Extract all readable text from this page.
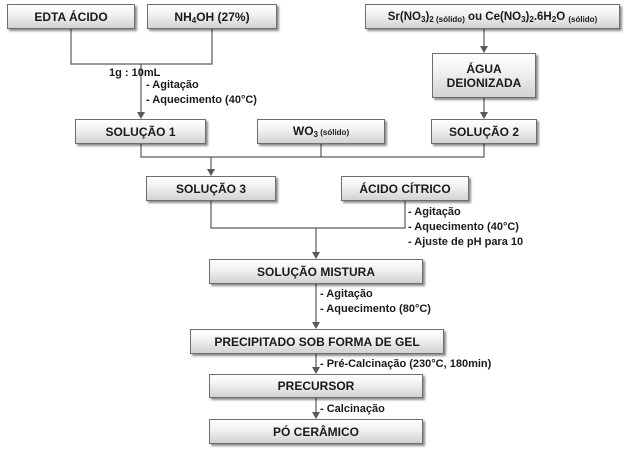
EDTA ÁCIDO	$NH_4OH$ (27%)	$Sr(NO_3)_{2 (sólido)}$ ou $Ce(NO_3)_2.6H_2O$ $_{(sólido)}$
ÁGUA
DEIONIZADA
1g : 10mL
- Agitação
- Aquecimento (40°C)
SOLUÇÃO 1	$WO_3$ (sólido)	SOLUÇÃO 2
SOLUÇÃO 3	ÁCIDO CÍTRICO
- Agitação
- Aquecimento (40°C)
- Ajuste de pH para 10
SOLUÇÃO MISTURA
- Agitação
- Aquecimento (80°C)
PRECIPITADO SOB FORMA DE GEL
- Pré-Calcinação (230°C, 180min)
PRECURSOR
- Calcinação
PÓ CERÂMICO
